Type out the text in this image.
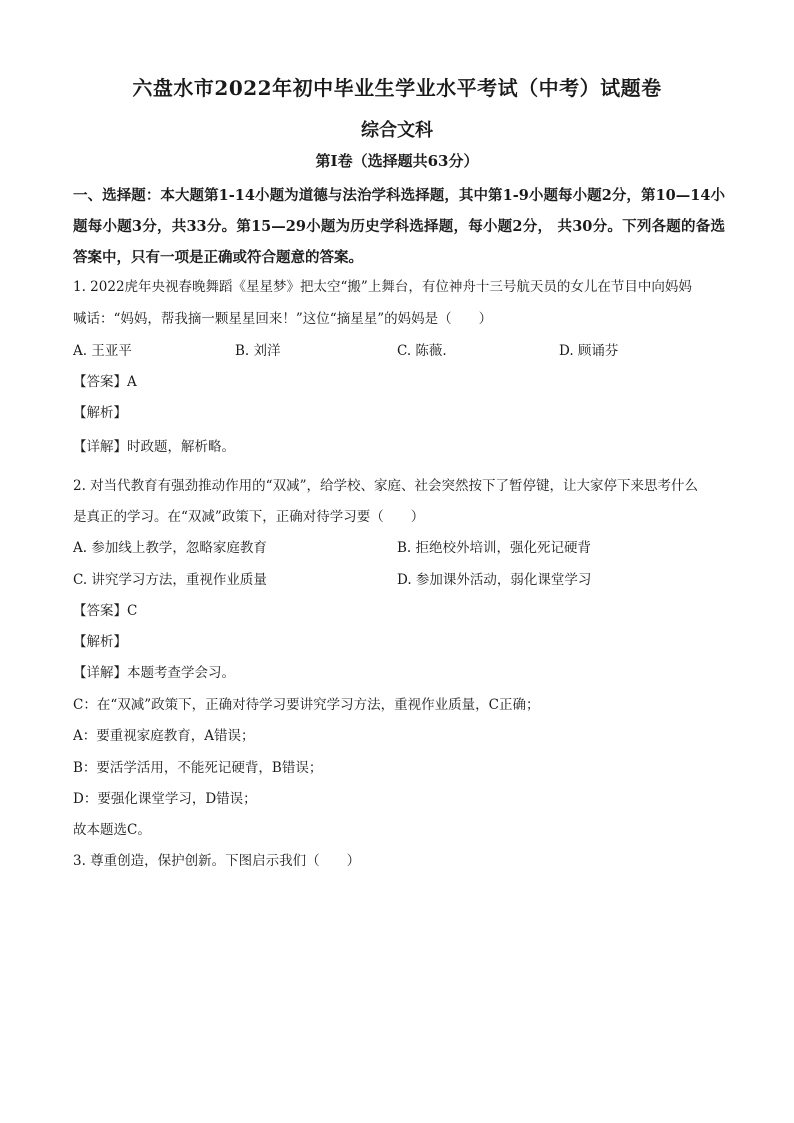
六盘水市2022年初中毕业生学业水平考试（中考）试题卷
综合文科
第Ⅰ卷（选择题共63分）
一、选择题：本大题第1-14小题为道德与法治学科选择题，其中第1-9小题每小题2分，第10—14小题每小题3分，共33分。第15—29小题为历史学科选择题，每小题2分， 共30分。下列各题的备选答案中，只有一项是正确或符合题意的答案。
1. 2022虎年央视春晚舞蹈《星星梦》把太空“搬”上舞台，有位神舟十三号航天员的女儿在节目中向妈妈
喊话：“妈妈，帮我摘一颗星星回来！”这位“摘星星”的妈妈是（　　）
A. 王亚平	B. 刘洋	C. 陈薇.	D. 顾诵芬
【答案】A
【解析】
【详解】时政题，解析略。
2. 对当代教育有强劲推动作用的“双减”，给学校、家庭、社会突然按下了暂停键，让大家停下来思考什么
是真正的学习。在“双减”政策下，正确对待学习要（　　）
A. 参加线上教学，忽略家庭教育	B. 拒绝校外培训，强化死记硬背
C. 讲究学习方法，重视作业质量	D. 参加课外活动，弱化课堂学习
【答案】C
【解析】
【详解】本题考查学会习。
C：在“双减”政策下，正确对待学习要讲究学习方法，重视作业质量，C正确；
A：要重视家庭教育，A错误；
B：要活学活用，不能死记硬背，B错误；
D：要强化课堂学习，D错误；
故本题选C。
3. 尊重创造，保护创新。下图启示我们（　　）
